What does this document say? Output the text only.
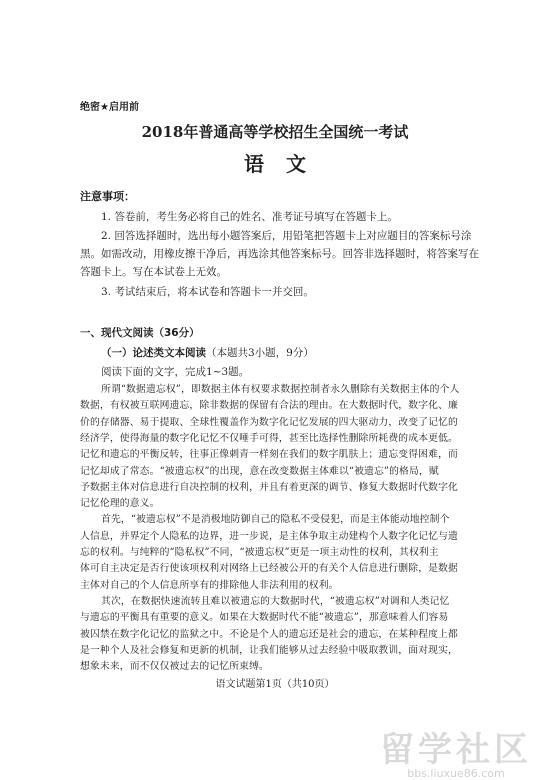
绝密★启用前
2018年普通高等学校招生全国统一考试
语文
注意事项：
1. 答卷前，考生务必将自己的姓名、准考证号填写在答题卡上。
2. 回答选择题时，选出每小题答案后，用铅笔把答题卡上对应题目的答案标号涂
黑。如需改动，用橡皮擦干净后，再选涂其他答案标号。回答非选择题时，将答案写在
答题卡上。写在本试卷上无效。
3. 考试结束后，将本试卷和答题卡一并交回。
一、现代文阅读（36分）
（一）论述类文本阅读（本题共3小题，9分）
阅读下面的文字，完成1~3题。
所谓“数据遗忘权”，即数据主体有权要求数据控制者永久删除有关数据主体的个人
数据，有权被互联网遗忘，除非数据的保留有合法的理由。在大数据时代，数字化、廉
价的存储器、易于提取、全球性覆盖作为数字化记忆发展的四大驱动力，改变了记忆的
经济学，使得海量的数字化记忆不仅唾手可得，甚至比选择性删除所耗费的成本更低。
记忆和遗忘的平衡反转，往事正像刺青一样刻在我们的数字肌肤上；遗忘变得困难，而
记忆却成了常态。“被遗忘权”的出现，意在改变数据主体难以“被遗忘”的格局，赋
予数据主体对信息进行自决控制的权利，并且有着更深的调节、修复大数据时代数字化
记忆伦理的意义。
首先，“被遗忘权”不是消极地防御自己的隐私不受侵犯，而是主体能动地控制个
人信息，并界定个人隐私的边界，进一步说，是主体争取主动建构个人数字化记忆与遗
忘的权利。与纯粹的“隐私权”不同，“被遗忘权”更是一项主动性的权利，其权利主
体可自主决定是否行使该项权利对网络上已经被公开的有关个人信息进行删除，是数据
主体对自己的个人信息所享有的排除他人非法利用的权利。
其次，在数据快速流转且难以被遗忘的大数据时代，“被遗忘权”对调和人类记忆
与遗忘的平衡具有重要的意义。如果在大数据时代不能“被遗忘”，那意味着人们容易
被囚禁在数字化记忆的监狱之中。不论是个人的遗忘还是社会的遗忘，在某种程度上都
语文试题第1页（共10页）
留学社区
bbs.liuxue86.com
是一种个人及社会修复和更新的机制，让我们能够从过去经验中吸取教训，面对现实，
想象未来，而不仅仅被过去的记忆所束缚。
